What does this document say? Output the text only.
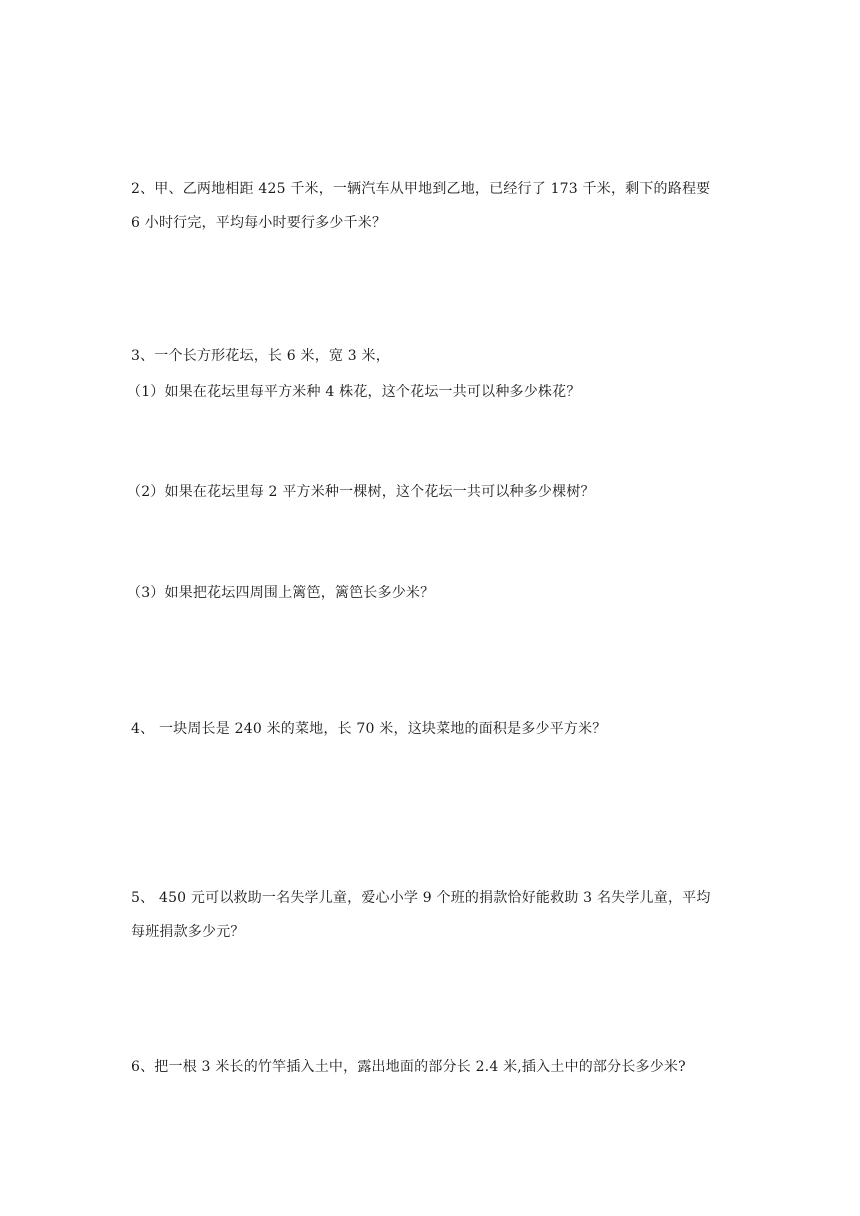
2、甲、乙两地相距 425 千米，一辆汽车从甲地到乙地，已经行了 173 千米，剩下的路程要
6 小时行完，平均每小时要行多少千米？
3、一个长方形花坛，长 6 米，宽 3 米，
（1）如果在花坛里每平方米种 4 株花，这个花坛一共可以种多少株花？
（2）如果在花坛里每 2 平方米种一棵树，这个花坛一共可以种多少棵树？
（3）如果把花坛四周围上篱笆，篱笆长多少米？
4、 一块周长是 240 米的菜地，长 70 米，这块菜地的面积是多少平方米？
5、 450 元可以救助一名失学儿童，爱心小学 9 个班的捐款恰好能救助 3 名失学儿童，平均
每班捐款多少元？
6、把一根 3 米长的竹竿插入土中，露出地面的部分长 2.4 米,插入土中的部分长多少米?
